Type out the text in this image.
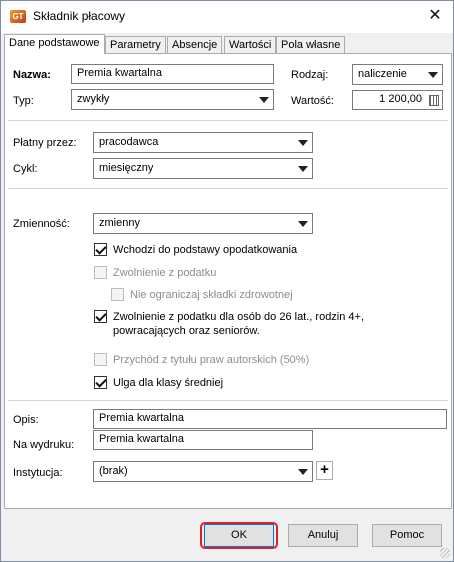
GT Składnik płacowy	✕
Dane podstawowe Parametry	Absencje	Wartości Pola własne
Nazwa:	Premia kwartalna	Rodzaj:	naliczenie
Typ:	zwykły	Wartość:	1 200,00
Płatny przez:	pracodawca
Cykl:	miesięczny
Zmienność:	zmienny
Wchodzi do podstawy opodatkowania
Zwolnienie z podatku
Nie ograniczaj składki zdrowotnej
Zwolnienie z podatku dla osób do 26 lat., rodzin 4+,
powracających oraz seniorów.
Przychód z tytułu praw autorskich (50%)
Ulga dla klasy średniej
Opis:	Premia kwartalna
Na wydruku:	Premia kwartalna
Instytucja:	(brak)	+
OK	Anuluj	Pomoc
